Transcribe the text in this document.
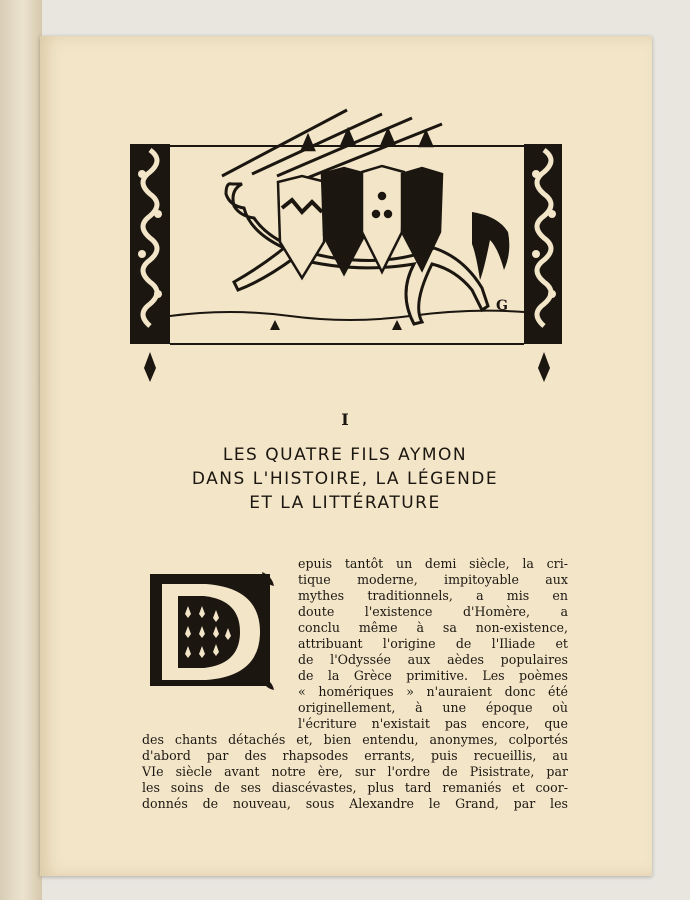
G
I
LES QUATRE FILS AYMON
DANS L'HISTOIRE, LA LÉGENDE
ET LA LITTÉRATURE
epuis tantôt un demi siècle, la cri-
tique moderne, impitoyable aux
mythes traditionnels, a mis en
doute l'existence d'Homère, a
conclu même à sa non-existence,
attribuant l'origine de l'Iliade et
de l'Odyssée aux aèdes populaires
de la Grèce primitive. Les poèmes
« homériques » n'auraient donc été
originellement, à une époque où
l'écriture n'existait pas encore, que
des chants détachés et, bien entendu, anonymes, colportés
d'abord par des rhapsodes errants, puis recueillis, au
VIe siècle avant notre ère, sur l'ordre de Pisistrate, par
les soins de ses diascévastes, plus tard remaniés et coor-
donnés de nouveau, sous Alexandre le Grand, par les
